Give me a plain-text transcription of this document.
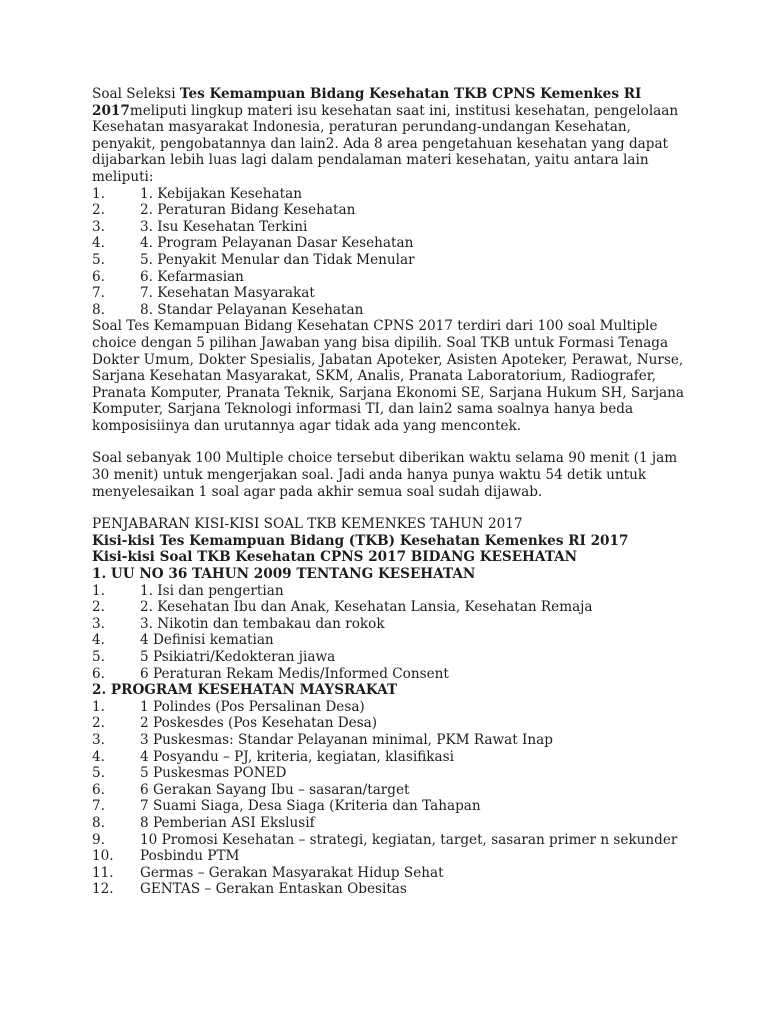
Soal Seleksi Tes Kemampuan Bidang Kesehatan TKB CPNS Kemenkes RI 2017meliputi lingkup materi isu kesehatan saat ini, institusi kesehatan, pengelolaan Kesehatan masyarakat Indonesia, peraturan perundang-undangan Kesehatan, penyakit, pengobatannya dan lain2. Ada 8 area pengetahuan kesehatan yang dapat dijabarkan lebih luas lagi dalam pendalaman materi kesehatan, yaitu antara lain meliputi:

1.	1. Kebijakan Kesehatan
2.	2. Peraturan Bidang Kesehatan
3.	3. Isu Kesehatan Terkini
4.	4. Program Pelayanan Dasar Kesehatan
5.	5. Penyakit Menular dan Tidak Menular
6.	6. Kefarmasian
7.	7. Kesehatan Masyarakat
8.	8. Standar Pelayanan Kesehatan

Soal Tes Kemampuan Bidang Kesehatan CPNS 2017 terdiri dari 100 soal Multiple choice dengan 5 pilihan Jawaban yang bisa dipilih. Soal TKB untuk Formasi Tenaga Dokter Umum, Dokter Spesialis, Jabatan Apoteker, Asisten Apoteker, Perawat, Nurse, Sarjana Kesehatan Masyarakat, SKM, Analis, Pranata Laboratorium, Radiografer, Pranata Komputer, Pranata Teknik, Sarjana Ekonomi SE, Sarjana Hukum SH, Sarjana Komputer, Sarjana Teknologi informasi TI, dan lain2 sama soalnya hanya beda komposisiinya dan urutannya agar tidak ada yang mencontek.

Soal sebanyak 100 Multiple choice tersebut diberikan waktu selama 90 menit (1 jam 30 menit) untuk mengerjakan soal. Jadi anda hanya punya waktu 54 detik untuk menyelesaikan 1 soal agar pada akhir semua soal sudah dijawab.

PENJABARAN KISI-KISI SOAL TKB KEMENKES TAHUN 2017

Kisi-kisi Tes Kemampuan Bidang (TKB) Kesehatan Kemenkes RI 2017

Kisi-kisi Soal TKB Kesehatan CPNS 2017 BIDANG KESEHATAN

1. UU NO 36 TAHUN 2009 TENTANG KESEHATAN

1.	1. Isi dan pengertian
2.	2. Kesehatan Ibu dan Anak, Kesehatan Lansia, Kesehatan Remaja
3.	3. Nikotin dan tembakau dan rokok
4.	4 Definisi kematian
5.	5 Psikiatri/Kedokteran jiawa
6.	6 Peraturan Rekam Medis/Informed Consent

2. PROGRAM KESEHATAN MAYSRAKAT

1.	1 Polindes (Pos Persalinan Desa)
2.	2 Poskesdes (Pos Kesehatan Desa)
3.	3 Puskesmas: Standar Pelayanan minimal, PKM Rawat Inap
4.	4 Posyandu – PJ, kriteria, kegiatan, klasifikasi
5.	5 Puskesmas PONED
6.	6 Gerakan Sayang Ibu – sasaran/target
7.	7 Suami Siaga, Desa Siaga (Kriteria dan Tahapan
8.	8 Pemberian ASI Ekslusif
9.	10 Promosi Kesehatan – strategi, kegiatan, target, sasaran primer n sekunder
10.	Posbindu PTM
11.	Germas – Gerakan Masyarakat Hidup Sehat
12.	GENTAS – Gerakan Entaskan Obesitas
